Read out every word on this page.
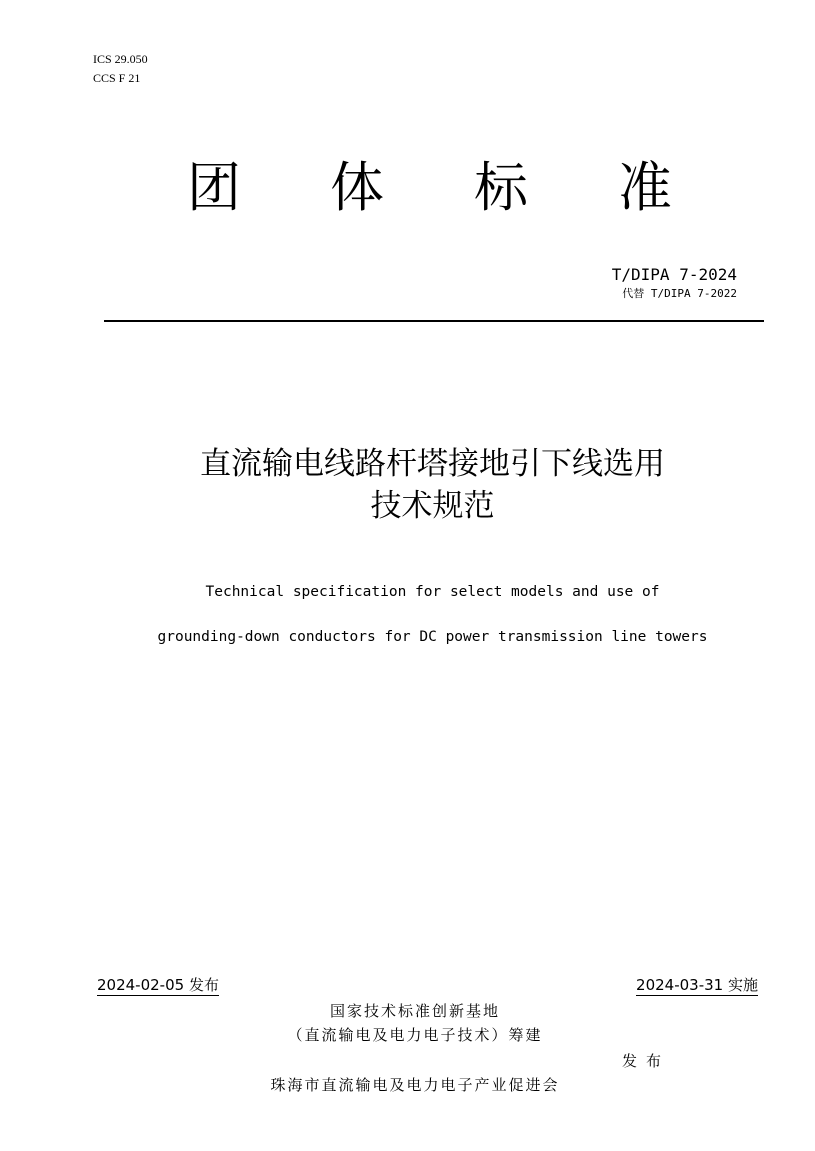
ICS 29.050
CCS F 21
团 体 标 准
T/DIPA 7-2024
代替 T/DIPA 7-2022
直流输电线路杆塔接地引下线选用
技术规范
Technical specification for select models and use of
grounding-down conductors for DC power transmission line towers
2024-02-05 发布	2024-03-31 实施
国家技术标准创新基地
（直流输电及电力电子技术）筹建
发布
珠海市直流输电及电力电子产业促进会
